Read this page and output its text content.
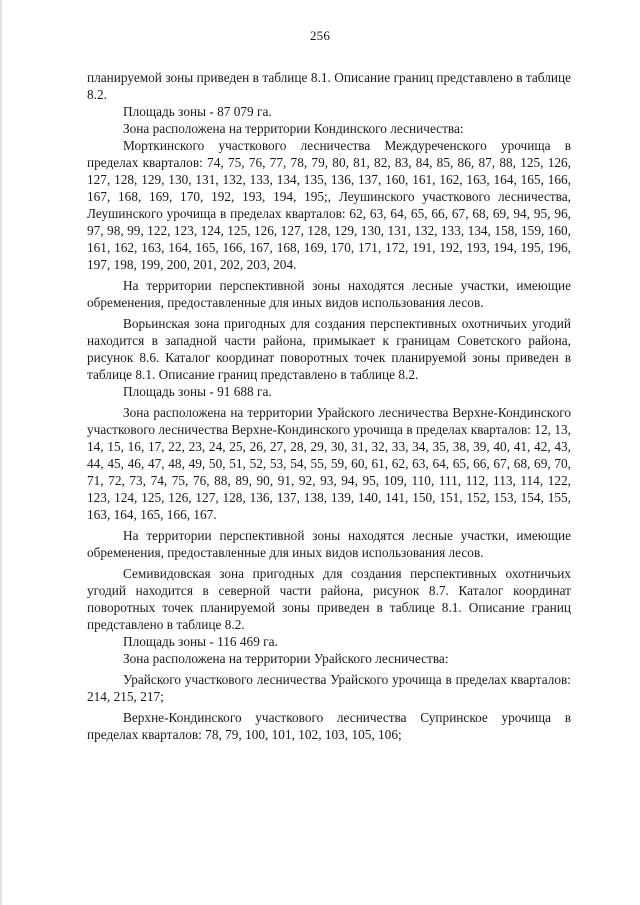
256

планируемой зоны приведен в таблице 8.1. Описание границ представлено в таблице 8.2.

Площадь зоны - 87 079 га.

Зона расположена на территории Кондинского лесничества:

Морткинского участкового лесничества Междуреченского урочища в пределах кварталов: 74, 75, 76, 77, 78, 79, 80, 81, 82, 83, 84, 85, 86, 87, 88, 125, 126, 127, 128, 129, 130, 131, 132, 133, 134, 135, 136, 137, 160, 161, 162, 163, 164, 165, 166, 167, 168, 169, 170, 192, 193, 194, 195;, Леушинского участкового лесничества, Леушинского урочища в пределах кварталов: 62, 63, 64, 65, 66, 67, 68, 69, 94, 95, 96, 97, 98, 99, 122, 123, 124, 125, 126, 127, 128, 129, 130, 131, 132, 133, 134, 158, 159, 160, 161, 162, 163, 164, 165, 166, 167, 168, 169, 170, 171, 172, 191, 192, 193, 194, 195, 196, 197, 198, 199, 200, 201, 202, 203, 204.

На территории перспективной зоны находятся лесные участки, имеющие обременения, предоставленные для иных видов использования лесов.

Ворьинская зона пригодных для создания перспективных охотничьих угодий находится в западной части района, примыкает к границам Советского района, рисунок 8.6. Каталог координат поворотных точек планируемой зоны приведен в таблице 8.1. Описание границ представлено в таблице 8.2.

Площадь зоны - 91 688 га.

Зона расположена на территории Урайского лесничества Верхне-Кондинского участкового лесничества Верхне-Кондинского урочища в пределах кварталов: 12, 13, 14, 15, 16, 17, 22, 23, 24, 25, 26, 27, 28, 29, 30, 31, 32, 33, 34, 35, 38, 39, 40, 41, 42, 43, 44, 45, 46, 47, 48, 49, 50, 51, 52, 53, 54, 55, 59, 60, 61, 62, 63, 64, 65, 66, 67, 68, 69, 70, 71, 72, 73, 74, 75, 76, 88, 89, 90, 91, 92, 93, 94, 95, 109, 110, 111, 112, 113, 114, 122, 123, 124, 125, 126, 127, 128, 136, 137, 138, 139, 140, 141, 150, 151, 152, 153, 154, 155, 163, 164, 165, 166, 167.

На территории перспективной зоны находятся лесные участки, имеющие обременения, предоставленные для иных видов использования лесов.

Семивидовская зона пригодных для создания перспективных охотничьих угодий находится в северной части района, рисунок 8.7. Каталог координат поворотных точек планируемой зоны приведен в таблице 8.1. Описание границ представлено в таблице 8.2.

Площадь зоны - 116 469 га.

Зона расположена на территории Урайского лесничества:

Урайского участкового лесничества Урайского урочища в пределах кварталов: 214, 215, 217;

Верхне-Кондинского участкового лесничества Супринское урочища в пределах кварталов: 78, 79, 100, 101, 102, 103, 105, 106;
